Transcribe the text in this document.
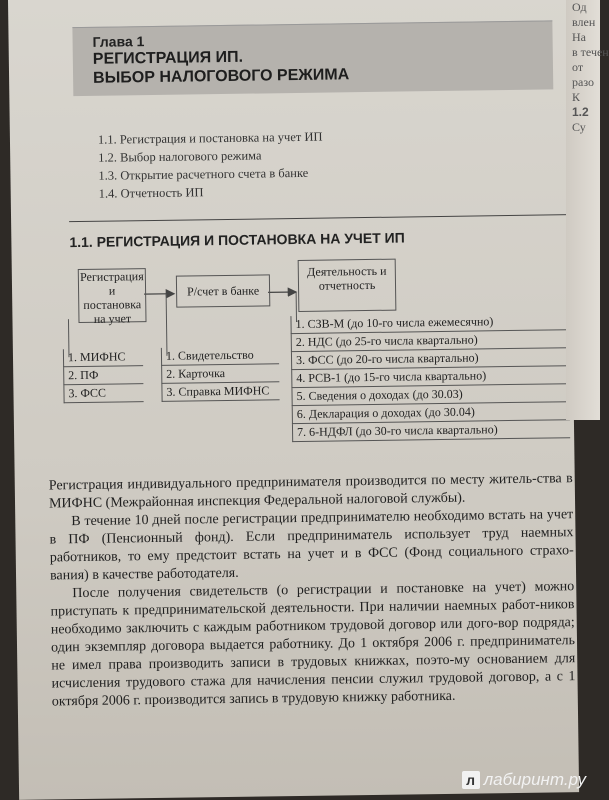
Глава 1
РЕГИСТРАЦИЯ ИП.
ВЫБОР НАЛОГОВОГО РЕЖИМА
1.1. Регистрация и постановка на учет ИП
1.2. Выбор налогового режима
1.3. Открытие расчетного счета в банке
1.4. Отчетность ИП
1.1. РЕГИСТРАЦИЯ И ПОСТАНОВКА НА УЧЕТ ИП
Регистрация и постановка на учет
Р/счет в банке
Деятельность и отчетность
1. МИФНС
2. ПФ
3. ФСС
1. Свидетельство
2. Карточка
3. Справка МИФНС
1. СЗВ-М (до 10-го числа ежемесячно)
2. НДС (до 25-го числа квартально)
3. ФСС (до 20-го числа квартально)
4. РСВ-1 (до 15-го числа квартально)
5. Сведения о доходах (до 30.03)
6. Декларация о доходах (до 30.04)
7. 6-НДФЛ (до 30-го числа квартально)

Регистрация индивидуального предпринимателя производится по месту житель-ства в МИФНС (Межрайонная инспекция Федеральной налоговой службы).

В течение 10 дней после регистрации предпринимателю необходимо встать на учет в ПФ (Пенсионный фонд). Если предприниматель использует труд наемных работников, то ему предстоит встать на учет и в ФСС (Фонд социального страхо-вания) в качестве работодателя.

После получения свидетельств (о регистрации и постановке на учет) можно приступать к предпринимательской деятельности. При наличии наемных работ-ников необходимо заключить с каждым работником трудовой договор или дого-вор подряда; один экземпляр договора выдается работнику. До 1 октября 2006 г. предприниматель не имел права производить записи в трудовых книжках, поэто-му основанием для исчисления трудового стажа для начисления пенсии служил трудовой договор, а с 1 октября 2006 г. производится запись в трудовую книжку работника.

Од
влен
На
в течен
от
разо
К
1.2
Су
л лабиринт.ру
